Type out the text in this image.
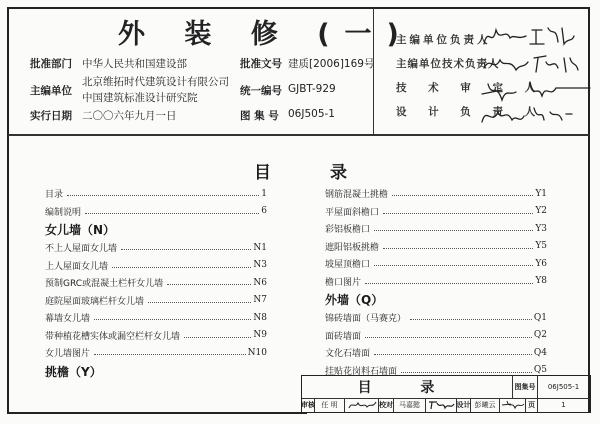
外 装 修 (一)
批准部门 中华人民共和国建设部
主编单位
北京维拓时代建筑设计有限公司
中国建筑标准设计研究院
实行日期 二〇〇六年九月一日
批准文号 建质[2006]169号
统一编号 GJBT-929
图 集 号 06J505-1
主编单位负责人
主编单位技术负责人
技 术 审 定 人
设 计 负 责 人
目	录
目录	1
编制说明	6
女儿墙（N）
不上人屋面女儿墙	N1
上人屋面女儿墙	N3
预制GRC或混凝土栏杆女儿墙	N6
庭院屋面玻璃栏杆女儿墙	N7
幕墙女儿墙	N8
带种植花槽实体或漏空栏杆女儿墙	N9
女儿墙图片	N10
挑檐（Y）
钢筋混凝土挑檐	Y1
平屋面斜檐口	Y2
彩铝板檐口	Y3
遮阳铝板挑檐	Y5
坡屋顶檐口	Y6
檐口图片	Y8
外墙（Q）
锦砖墙面（马赛克）	Q1
面砖墙面	Q2
文化石墙面	Q4
挂贴花岗料石墙面	Q5
目 录	图集号	06J505-1
审核 任 明	校对 马嘉懿	设计 彭曦云	页	1
